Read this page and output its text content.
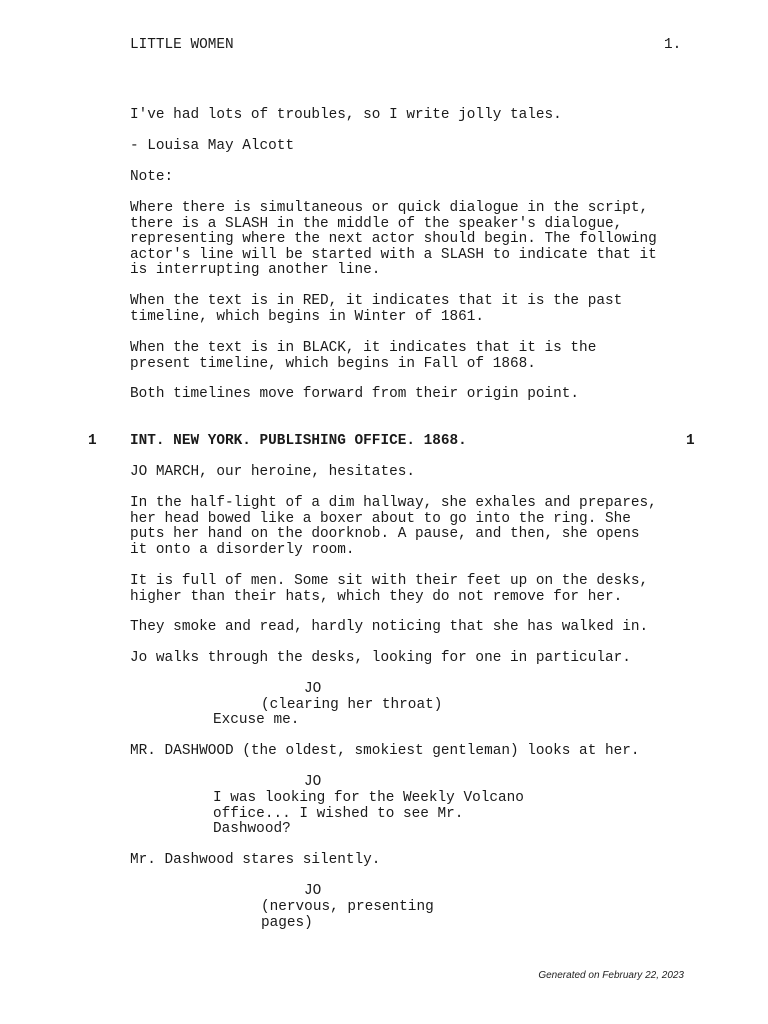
LITTLE WOMEN	1.

I've had lots of troubles, so I write jolly tales.

- Louisa May Alcott

Note:

Where there is simultaneous or quick dialogue in the script,
there is a SLASH in the middle of the speaker's dialogue,
representing where the next actor should begin. The following
actor's line will be started with a SLASH to indicate that it
is interrupting another line.

When the text is in RED, it indicates that it is the past
timeline, which begins in Winter of 1861.

When the text is in BLACK, it indicates that it is the
present timeline, which begins in Fall of 1868.

Both timelines move forward from their origin point.

1 INT. NEW YORK. PUBLISHING OFFICE. 1868.	1

JO MARCH, our heroine, hesitates.

In the half-light of a dim hallway, she exhales and prepares,
her head bowed like a boxer about to go into the ring. She
puts her hand on the doorknob. A pause, and then, she opens
it onto a disorderly room.

It is full of men. Some sit with their feet up on the desks,
higher than their hats, which they do not remove for her.

They smoke and read, hardly noticing that she has walked in.

Jo walks through the desks, looking for one in particular.

JO

(clearing her throat)

Excuse me.

MR. DASHWOOD (the oldest, smokiest gentleman) looks at her.

JO

I was looking for the Weekly Volcano
office... I wished to see Mr.
Dashwood?

Mr. Dashwood stares silently.

JO

(nervous, presenting
pages)

Generated on February 22, 2023
